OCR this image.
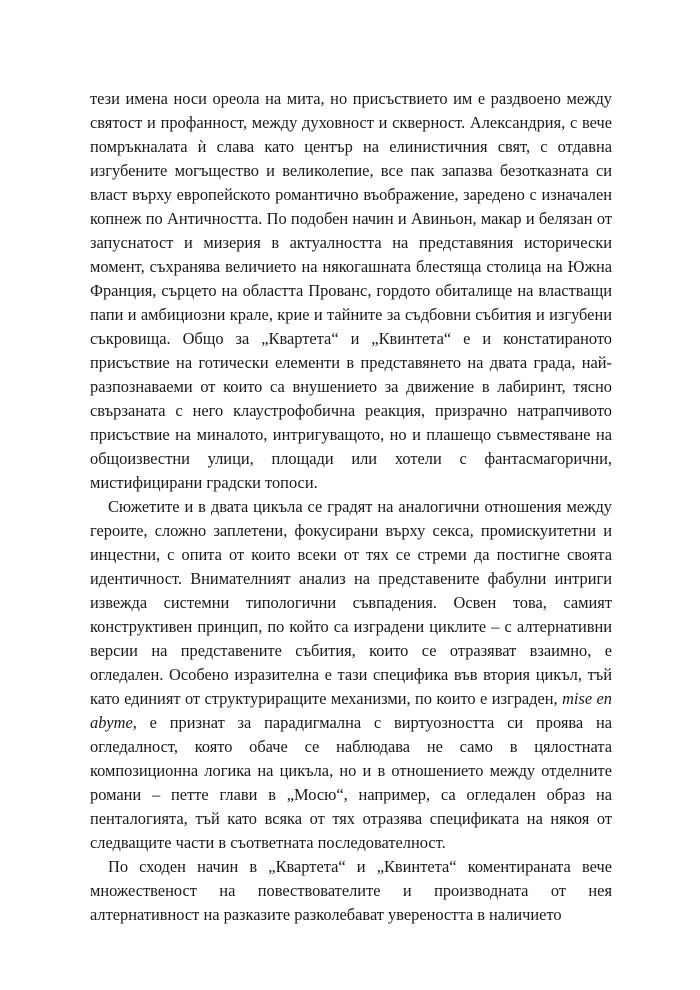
тези имена носи ореола на мита, но присъствието им е раздвоено между святост и профанност, между духовност и скверност. Александрия, с вече помръкналата ѝ слава като център на елинистичния свят, с отдавна изгубените могъщество и великолепие, все пак запазва безотказната си власт върху европейското романтично въображение, заредено с изначален копнеж по Античността. По подобен начин и Авиньон, макар и белязан от запуснатост и мизерия в актуалността на представяния исторически момент, съхранява величието на някогашната блестяща столица на Южна Франция, сърцето на областта Прованс, гордото обиталище на властващи папи и амбициозни крале, крие и тайните за съдбовни събития и изгубени съкровища. Общо за „Квартета“ и „Квинтета“ е и констатираното присъствие на готически елементи в представянето на двата града, най-разпознаваеми от които са внушението за движение в лабиринт, тясно свързаната с него клаустрофобична реакция, призрачно натрапчивото присъствие на миналото, интригуващото, но и плашещо съвместяване на общоизвестни улици, площади или хотели с фантасмагорични, мистифицирани градски топоси.

Сюжетите и в двата цикъла се градят на аналогични отношения между героите, сложно заплетени, фокусирани върху секса, промискуитетни и инцестни, с опита от които всеки от тях се стреми да постигне своята идентичност. Внимателният анализ на представените фабулни интриги извежда системни типологични съвпадения. Освен това, самият конструктивен принцип, по който са изградени циклите – с алтернативни версии на представените събития, които се отразяват взаимно, е огледален. Особено изразителна е тази специфика във втория цикъл, тъй като единият от структуриращите механизми, по които е изграден, mise en abyme, е признат за парадигмална с виртуозността си проява на огледалност, която обаче се наблюдава не само в цялостната композиционна логика на цикъла, но и в отношението между отделните романи – петте глави в „Мосю“, например, са огледален образ на пенталогията, тъй като всяка от тях отразява спецификата на някоя от следващите части в съответната последователност.

По сходен начин в „Квартета“ и „Квинтета“ коментираната вече множественост на повествователите и производната от нея алтернативност на разказите разколебават увереността в наличието
